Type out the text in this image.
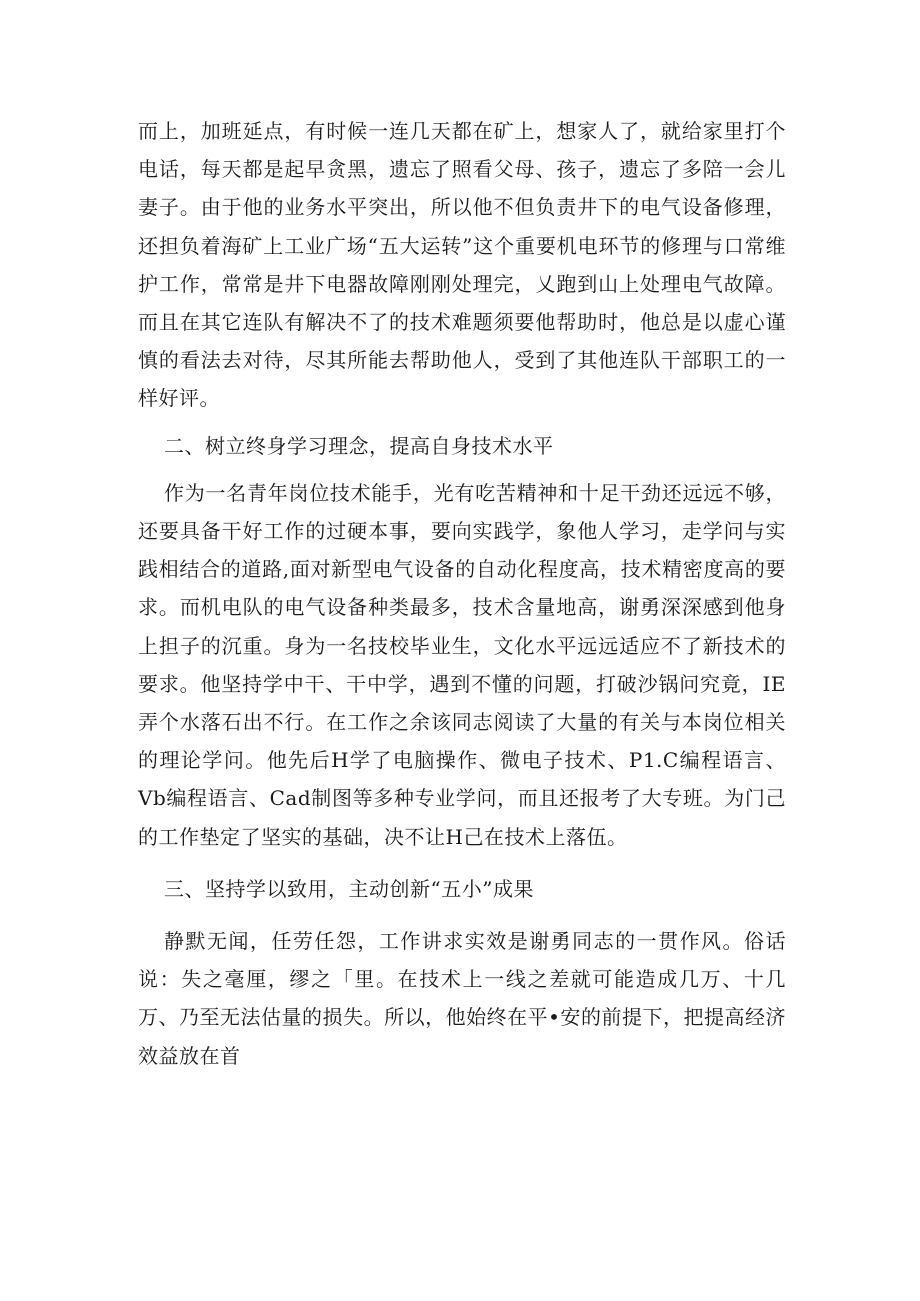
而上，加班延点，有时候一连几天都在矿上，想家人了，就给家里打个电话，每天都是起早贪黑，遗忘了照看父母、孩子，遗忘了多陪一会儿妻子。由于他的业务水平突出，所以他不但负责井下的电气设备修理，还担负着海矿上工业广场“五大运转”这个重要机电环节的修理与口常维护工作，常常是井下电器故障刚刚处理完，乂跑到山上处理电气故障。而且在其它连队有解决不了的技术难题须要他帮助时，他总是以虚心谨慎的看法去对待，尽其所能去帮助他人，受到了其他连队干部职工的一样好评。

二、树立终身学习理念，提高自身技术水平

作为一名青年岗位技术能手，光有吃苦精神和十足干劲还远远不够，还要具备干好工作的过硬本事，要向实践学，象他人学习，走学问与实践相结合的道路,面对新型电气设备的自动化程度高，技术精密度高的要求。而机电队的电气设备种类最多，技术含量地高，谢勇深深感到他身上担子的沉重。身为一名技校毕业生，文化水平远远适应不了新技术的要求。他坚持学中干、干中学，遇到不懂的问题，打破沙锅问究竟，IE弄个水落石出不行。在工作之余该同志阅读了大量的有关与本岗位相关的理论学问。他先后H学了电脑操作、微电子技术、P1.C编程语言、Vb编程语言、Cad制图等多种专业学问，而且还报考了大专班。为门己的工作垫定了坚实的基础，决不让H己在技术上落伍。

三、坚持学以致用，主动创新“五小”成果

静默无闻，任劳任怨，工作讲求实效是谢勇同志的一贯作风。俗话说：失之毫厘，缪之「里。在技术上一线之差就可能造成几万、十几万、乃至无法估量的损失。所以，他始终在平•安的前提下，把提高经济效益放在首
